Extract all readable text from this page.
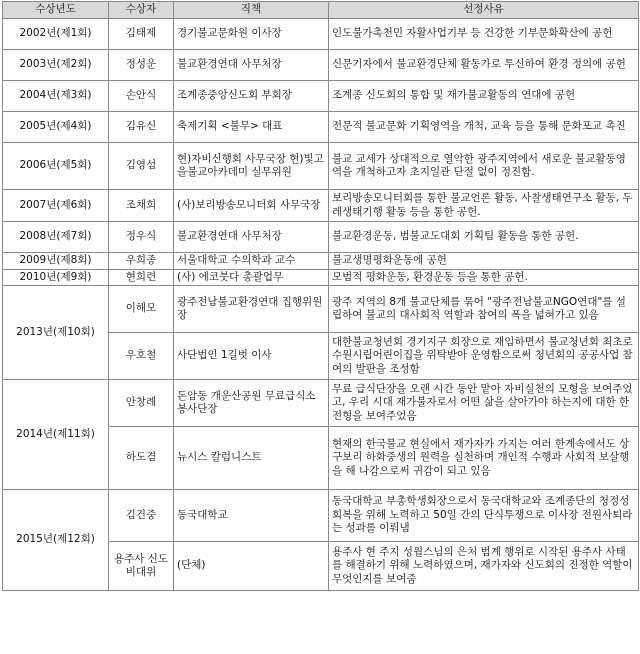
수상년도	수상자	직책	선정사유
2002년(제1회)	김태제	경기불교문화원 이사장	인도불가촉천민 자활사업기부 등 건강한 기부문화확산에 공헌
2003년(제2회)	정성운	불교환경연대 사무처장	신문기자에서 불교환경단체 활동가로 투신하여 환경 정의에 공헌
2004년(제3회)	손안식	조계종중앙신도회 부회장	조계종 신도회의 통합 및 재가불교활동의 연대에 공헌
2005년(제4회)	김유신	축제기획 <불무> 대표	전문적 불교문화 기획영역을 개척, 교육 등을 통해 문화포교 촉진
2006년(제5회)	김영섬	현)자비신행회 사무국장 현)빛고을불교아카데미 실무위원	불교 교세가 상대적으로 열악한 광주지역에서 새로운 불교활동영역을 개척하고자 초지일관 단절 없이 정진함.
2007년(제6회)	조채희	(사)보리방송모니터회 사무국장	보리방송모니터회를 통한 불교언론 활동, 사찰생태연구소 활동, 두레생태기행 활동 등을 통한 공헌.
2008년(제7회)	정우식	불교환경연대 사무처장	불교환경운동, 범불교도대회 기획팀 활동을 통한 공헌.
2009년(제8회)	우희종	서울대학교 수의학과 교수	불교생명평화운동에 공헌
2010년(제9회)	현희련	(사) 에코붓다 총괄업무	모범적 평화운동, 환경운동 등을 통한 공헌.
2013년(제10회)	이해모	광주전남불교환경연대 집행위원장	광주 지역의 8개 불교단체를 묶어 "광주전남불교NGO연대"를 설립하여 불교의 대사회적 역할과 참여의 폭을 넓혀가고 있음
	우호철	사단법인 1길벗 이사	대한불교청년회 경기지구 회장으로 재임하면서 불교청년회 최초로 수원시립어린이집을 위탁받아 운영함으로써 청년회의 공공사업 참여의 발판을 조성함
2014년(제11회)	안창례	돈암동 개운산공원 무료급식소 봉사단장	무료 급식단장을 오랜 시간 동안 맡아 자비실천의 모형을 보여주었고, 우리 시대 재가불자로서 어떤 삶을 살아가야 하는지에 대한 한 전형을 보여주었음
	하도겸	뉴시스 칼럼니스트	현재의 한국불교 현실에서 재가자가 가지는 여러 한계속에서도 상구보리 하화중생의 원력을 실천하며 개인적 수행과 사회적 보살행을 해 나감으로써 귀감이 되고 있음
2015년(제12회)	김건중	동국대학교	동국대학교 부총학생회장으로서 동국대학교와 조계종단의 청정성 회복을 위해 노력하고 50일 간의 단식투쟁으로 이사장 전원사퇴라는 성과를 이뤄냄
	용주사 신도비대위	(단체)	용주사 현 주지 성월스님의 은처 범계 행위로 시작된 용주사 사태를 해결하기 위해 노력하였으며, 재가자와 신도회의 진정한 역할이 무엇인지를 보여줌
